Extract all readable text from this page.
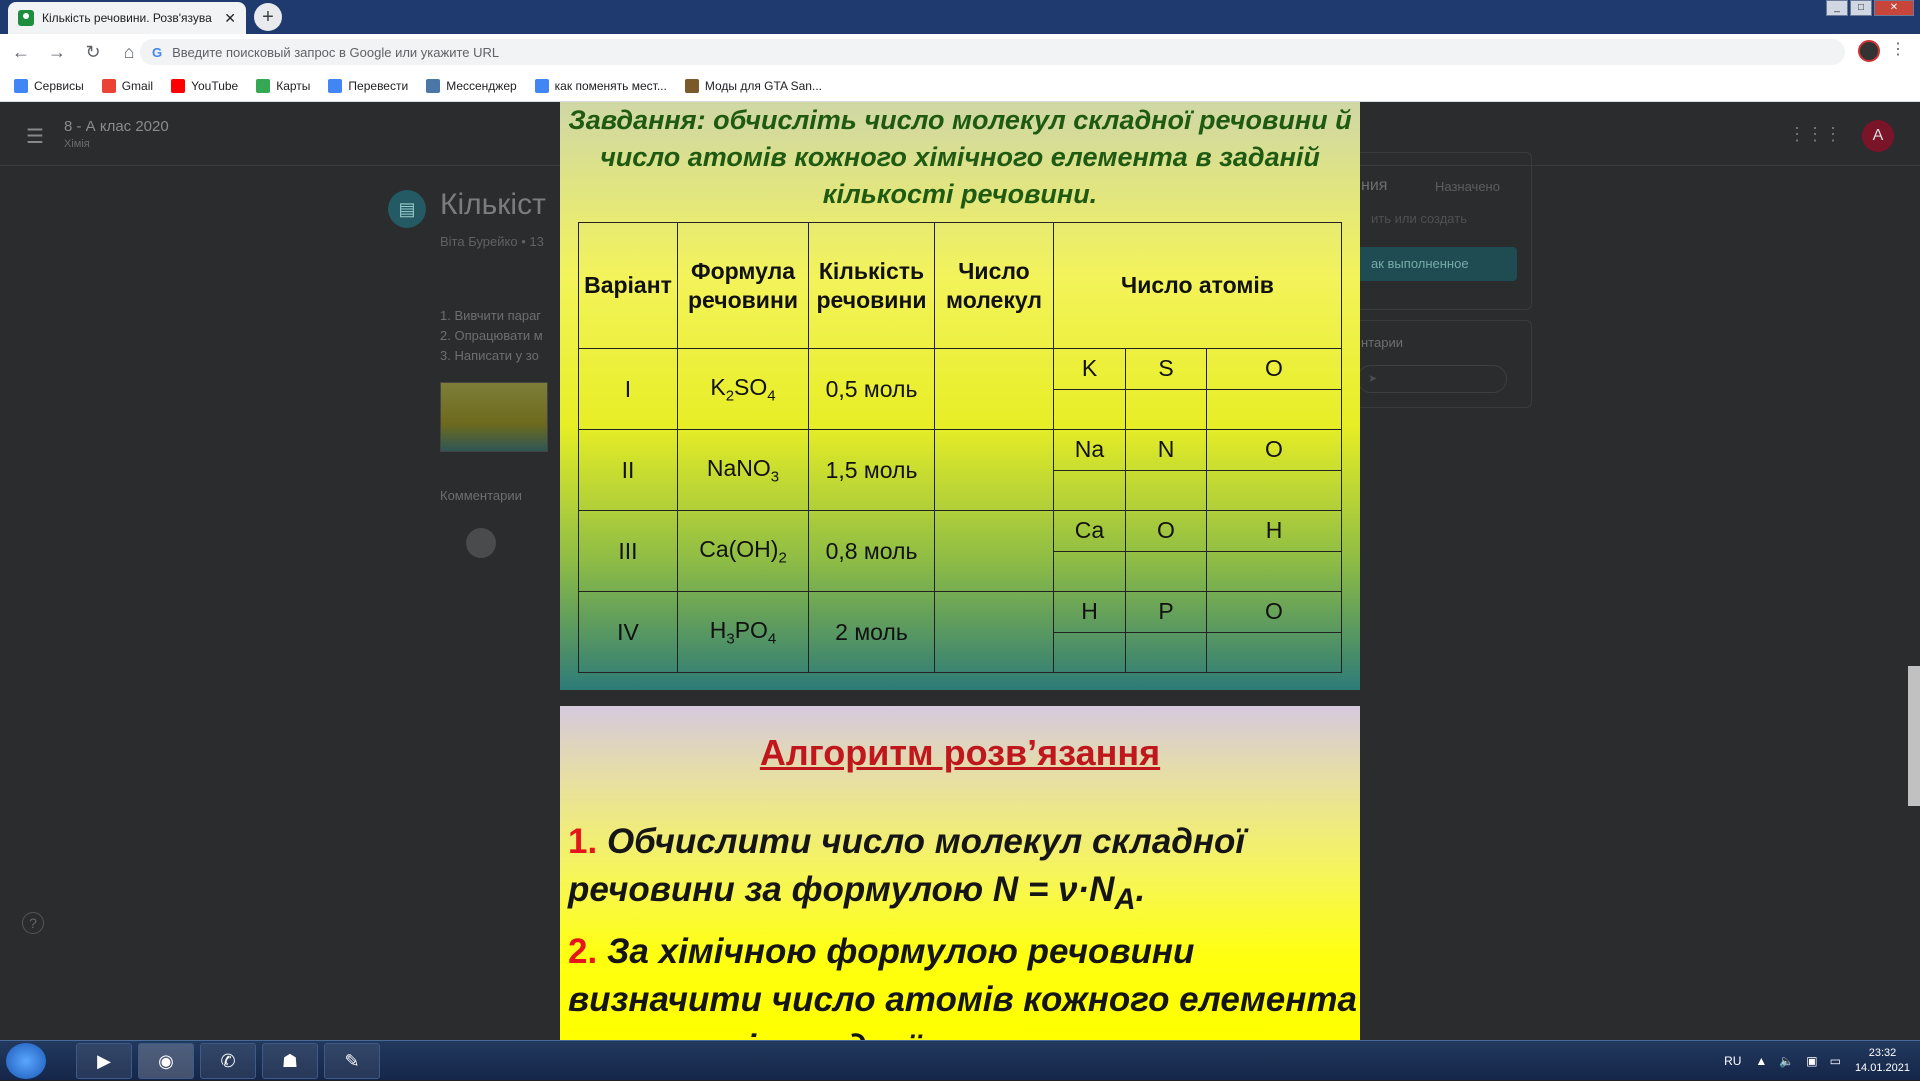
Кількість речовини. Розв'язува ✕	+	_	□	✕
←	→	↻	⌂	G Введите поисковый запрос в Google или укажите URL	⋮
Сервисы	Gmail	YouTube	Карты	Перевести	Мессенджер	как поменять мест...	Моды для GTA San...
☰ 8 - А клас 2020
Хімія	⋮⋮⋮	А
▤ Кількіст
Віта Бурейко • 13
1. Вивчити параг
2. Опрацювати м
3. Написати у зо
Комментарии
ния	Назначено
ить или создать
ак выполненное
нтарии
➤
?
Завдання: обчисліть число молекул складної речовини й число атомів кожного хімічного елемента в заданій кількості речовини.
Варіант	Формула речовини	Кількість речовини	Число молекул	Число атомів		
I	$K_2SO_4$	0,5 моль		K	S	O

II	NaNO$_3$	1,5 моль		Na	N	O

III	$Ca(OH)_2$	0,8 моль		Ca	O	H

IV	$H_3PO_4$	2 моль		H	P	O

Алгоритм розв’язання
1. Обчислити число молекул складної речовини за формулою $N = \nu\cdot N_A$.
2. За хімічною формулою речовини визначити число атомів кожного елемента
▶	◉	✆	☗	✎	RU ▲ 🔈 ▣ ▭
23:32
14.01.2021
